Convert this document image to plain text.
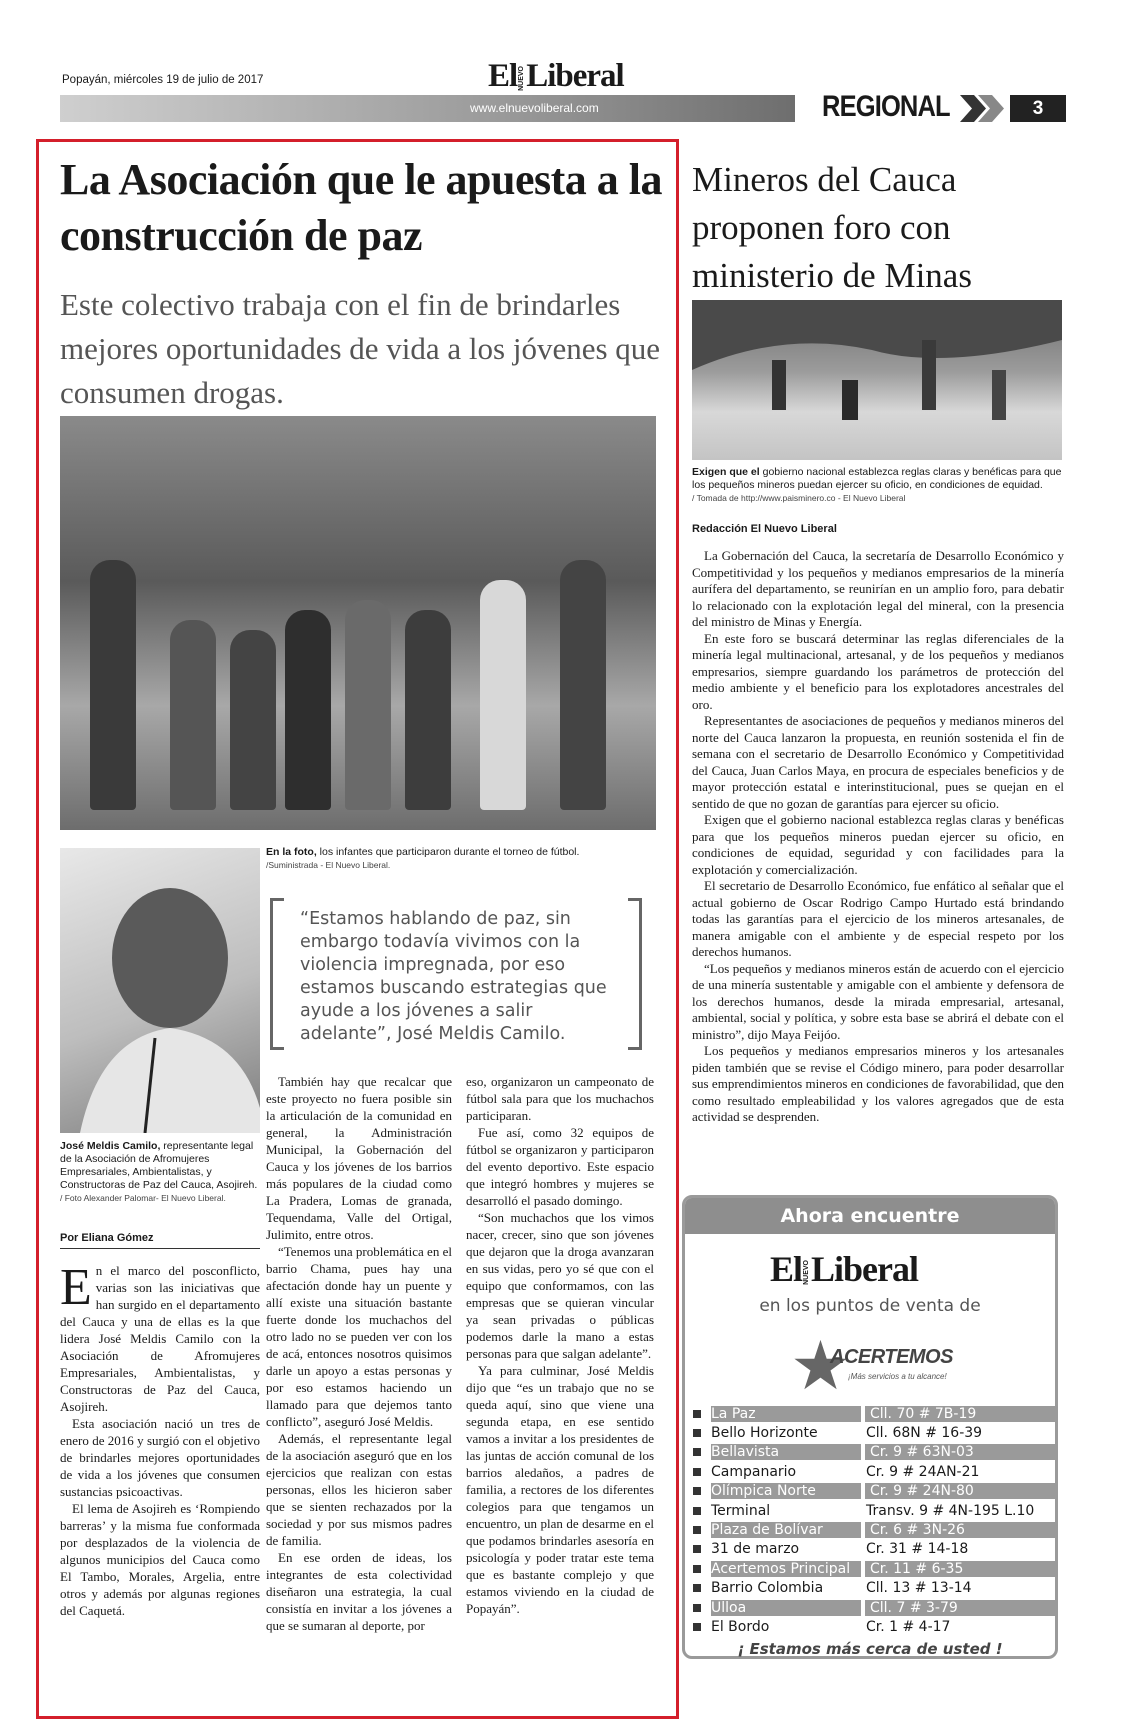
Popayán, miércoles 19 de julio de 2017	ElNUEVOLiberal
www.elnuevoliberal.com	REGIONAL	3
La Asociación que le apuesta a la construcción de paz
Este colectivo trabaja con el fin de brindarles mejores oportunidades de vida a los jóvenes que consumen drogas.
En la foto, los infantes que participaron durante el torneo de fútbol.
/Suministrada - El Nuevo Liberal.
José Meldis Camilo, representante legal de la Asociación de Afromujeres Empresariales, Ambientalistas, y Constructoras de Paz del Cauca, Asojireh.
/ Foto Alexander Palomar- El Nuevo Liberal.
“Estamos hablando de paz, sin embargo todavía vivimos con la violencia impregnada, por eso estamos buscando estrategias que ayude a los jóvenes a salir adelante”, José Meldis Camilo.
Por Eliana Gómez

En el marco del posconflicto, varias son las iniciativas que han surgido en el departamento del Cauca y una de ellas es la que lidera José Meldis Camilo con la Asociación de Afromujeres Empresariales, Ambientalistas, y Constructoras de Paz del Cauca, Asojireh.

Esta asociación nació un tres de enero de 2016 y surgió con el objetivo de brindarles mejores oportunidades de vida a los jóvenes que consumen sustancias psicoactivas.

El lema de Asojireh es ‘Rompiendo barreras’ y la misma fue conformada por desplazados de la violencia de algunos municipios del Cauca como El Tambo, Morales, Argelia, entre otros y además por algunas regiones del Caquetá.

También hay que recalcar que este proyecto no fuera posible sin la articulación de la comunidad en general, la Administración Municipal, la Gobernación del Cauca y los jóvenes de los barrios más populares de la ciudad como La Pradera, Lomas de granada, Tequendama, Valle del Ortigal, Julimito, entre otros.

“Tenemos una problemática en el barrio Chama, pues hay una afectación donde hay un puente y allí existe una situación bastante fuerte donde los muchachos del otro lado no se pueden ver con los de acá, entonces nosotros quisimos darle un apoyo a estas personas y por eso estamos haciendo un llamado para que dejemos tanto conflicto”, aseguró José Meldis.

Además, el representante legal de la asociación aseguró que en los ejercicios que realizan con estas personas, ellos les hicieron saber que se sienten rechazados por la sociedad y por sus mismos padres de familia.

En ese orden de ideas, los integrantes de esta colectividad diseñaron una estrategia, la cual consistía en invitar a los jóvenes a que se sumaran al deporte, por

eso, organizaron un campeonato de fútbol sala para que los muchachos participaran.

Fue así, como 32 equipos de fútbol se organizaron y participaron del evento deportivo. Este espacio que integró hombres y mujeres se desarrolló el pasado domingo.

“Son muchachos que los vimos nacer, crecer, sino que son jóvenes que dejaron que la droga avanzaran en sus vidas, pero yo sé que con el equipo que conformamos, con las empresas que se quieran vincular ya sean privadas o públicas podemos darle la mano a estas personas para que salgan adelante”.

Ya para culminar, José Meldis dijo que “es un trabajo que no se queda aquí, sino que viene una segunda etapa, en ese sentido vamos a invitar a los presidentes de las juntas de acción comunal de los barrios aledaños, a padres de familia, a rectores de los diferentes colegios para que tengamos un encuentro, un plan de desarme en el que podamos brindarles asesoría en psicología y poder tratar este tema que es bastante complejo y que estamos viviendo en la ciudad de Popayán”.

Mineros del Cauca proponen foro con ministerio de Minas
Exigen que el gobierno nacional establezca reglas claras y benéficas para que los pequeños mineros puedan ejercer su oficio, en condiciones de equidad.
/ Tomada de http://www.paisminero.co - El Nuevo Liberal
Redacción El Nuevo Liberal

La Gobernación del Cauca, la secretaría de Desarrollo Económico y Competitividad y los pequeños y medianos empresarios de la minería aurífera del departamento, se reunirían en un amplio foro, para debatir lo relacionado con la explotación legal del mineral, con la presencia del ministro de Minas y Energía.

En este foro se buscará determinar las reglas diferenciales de la minería legal multinacional, artesanal, y de los pequeños y medianos empresarios, siempre guardando los parámetros de protección del medio ambiente y el beneficio para los explotadores ancestrales del oro.

Representantes de asociaciones de pequeños y medianos mineros del norte del Cauca lanzaron la propuesta, en reunión sostenida el fin de semana con el secretario de Desarrollo Económico y Competitividad del Cauca, Juan Carlos Maya, en procura de especiales beneficios y de mayor protección estatal e interinstitucional, pues se quejan en el sentido de que no gozan de garantías para ejercer su oficio.

Exigen que el gobierno nacional establezca reglas claras y benéficas para que los pequeños mineros puedan ejercer su oficio, en condiciones de equidad, seguridad y con facilidades para la explotación y comercialización.

El secretario de Desarrollo Económico, fue enfático al señalar que el actual gobierno de Oscar Rodrigo Campo Hurtado está brindando todas las garantías para el ejercicio de los mineros artesanales, de manera amigable con el ambiente y de especial respeto por los derechos humanos.

“Los pequeños y medianos mineros están de acuerdo con el ejercicio de una minería sustentable y amigable con el ambiente y defensora de los derechos humanos, desde la mirada empresarial, artesanal, ambiental, social y política, y sobre esta base se abrirá el debate con el ministro”, dijo Maya Feijóo.

Los pequeños y medianos empresarios mineros y los artesanales piden también que se revise el Código minero, para poder desarrollar sus emprendimientos mineros en condiciones de favorabilidad, que den como resultado empleabilidad y los valores agregados que de esta actividad se desprenden.

Ahora encuentre
ElNUEVOLiberal
en los puntos de venta de
★
ACERTEMOS
¡Más servicios a tu alcance!
La Paz	Cll. 70 # 7B-19
Bello Horizonte	Cll. 68N # 16-39
Bellavista	Cr. 9 # 63N-03
Campanario	Cr. 9 # 24AN-21
Olímpica Norte	Cr. 9 # 24N-80
Terminal	Transv. 9 # 4N-195 L.10
Plaza de Bolívar	Cr. 6 # 3N-26
31 de marzo	Cr. 31 # 14-18
Acertemos Principal	Cr. 11 # 6-35
Barrio Colombia	Cll. 13 # 13-14
Ulloa	Cll. 7 # 3-79
El Bordo	Cr. 1 # 4-17
¡ Estamos más cerca de usted !
